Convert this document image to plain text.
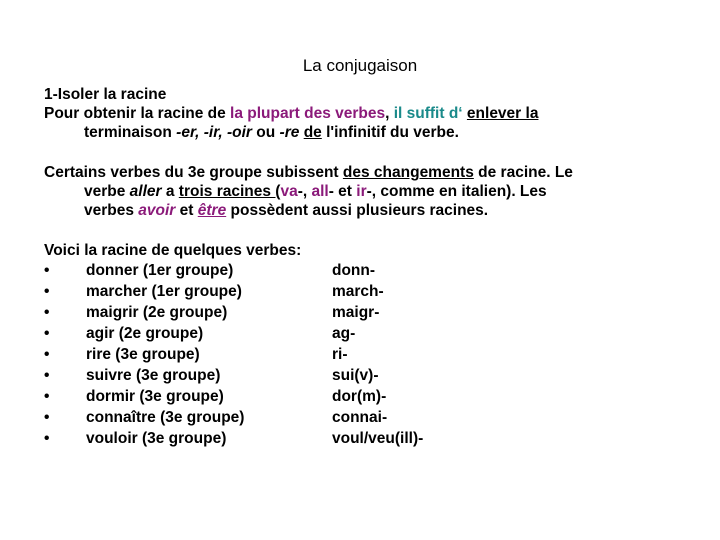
La conjugaison

1-Isoler la racine

Pour obtenir la racine de la plupart des verbes, il suffit d‘ enlever la

terminaison -er, -ir, -oir ou -re de l'infinitif du verbe.

Certains verbes du 3e groupe subissent des changements de racine. Le

verbe aller a trois racines (va-, all- et ir-, comme en italien). Les

verbes avoir et être possèdent aussi plusieurs racines.

Voici la racine de quelques verbes:

•	donner (1er groupe)	donn-
•	marcher (1er groupe)	march-
•	maigrir (2e groupe)	maigr-
•	agir (2e groupe)	ag-
•	rire (3e groupe)	ri-
•	suivre (3e groupe)	sui(v)-
•	dormir (3e groupe)	dor(m)-
•	connaître (3e groupe)	connai-
•	vouloir (3e groupe)	voul/veu(ill)-
